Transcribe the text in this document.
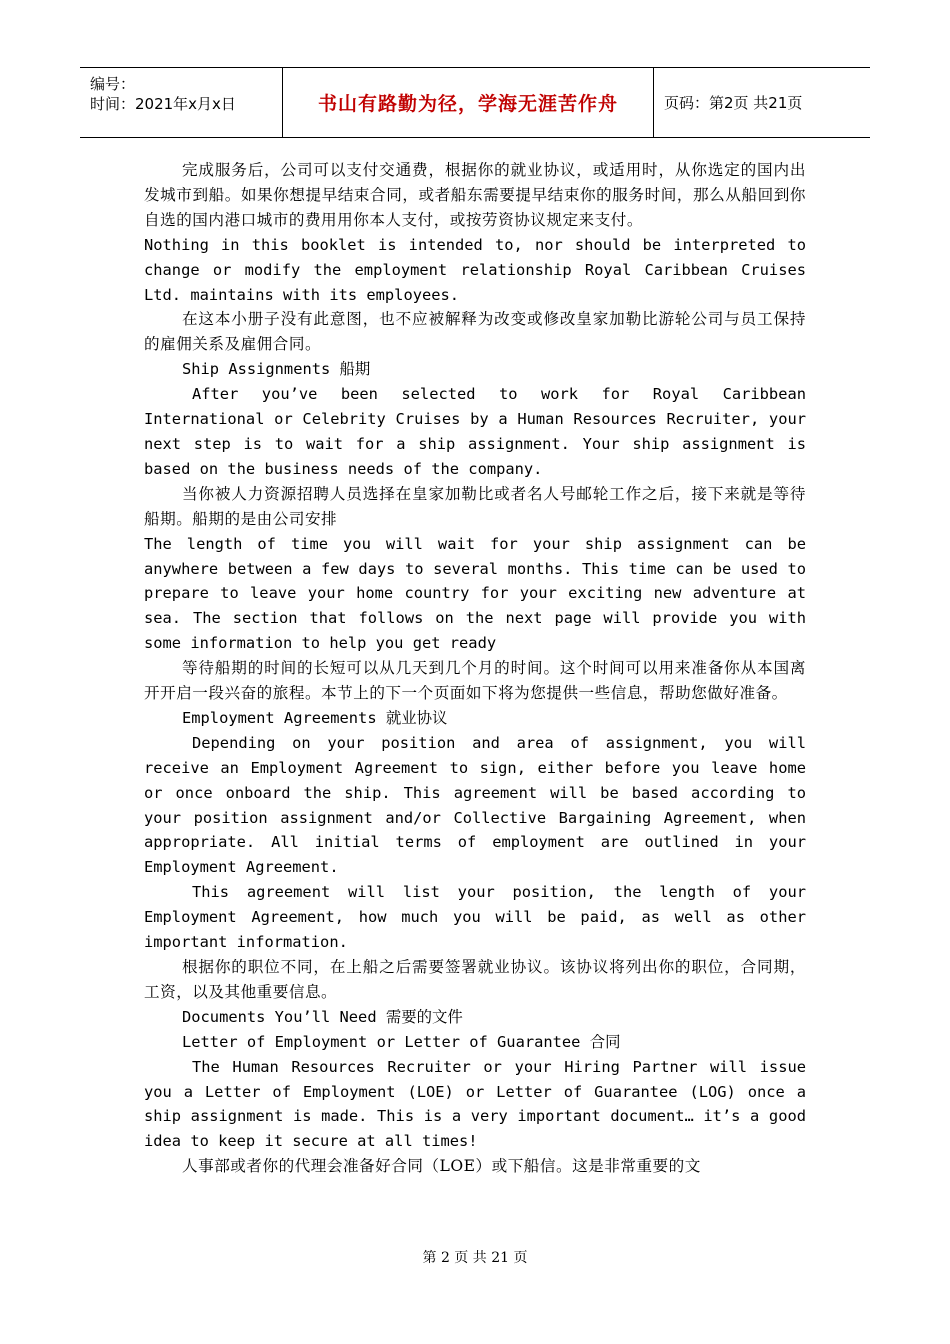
编号：
时间：2021年x月x日	书山有路勤为径，学海无涯苦作舟	页码：第2页 共21页

完成服务后，公司可以支付交通费，根据你的就业协议，或适用时，从你选定的国内出发城市到船。如果你想提早结束合同，或者船东需要提早结束你的服务时间，那么从船回到你自选的国内港口城市的费用用你本人支付，或按劳资协议规定来支付。

Nothing in this booklet is intended to, nor should be interpreted to change or modify the employment relationship Royal Caribbean Cruises Ltd. maintains with its employees.

在这本小册子没有此意图，也不应被解释为改变或修改皇家加勒比游轮公司与员工保持的雇佣关系及雇佣合同。

Ship Assignments 船期

After you’ve been selected to work for Royal Caribbean International or Celebrity Cruises by a Human Resources Recruiter, your next step is to wait for a ship assignment. Your ship assignment is based on the business needs of the company.

当你被人力资源招聘人员选择在皇家加勒比或者名人号邮轮工作之后，接下来就是等待船期。船期的是由公司安排

The length of time you will wait for your ship assignment can be anywhere between a few days to several months. This time can be used to prepare to leave your home country for your exciting new adventure at sea. The section that follows on the next page will provide you with some information to help you get ready

等待船期的时间的长短可以从几天到几个月的时间。这个时间可以用来准备你从本国离开开启一段兴奋的旅程。本节上的下一个页面如下将为您提供一些信息，帮助您做好准备。

Employment Agreements 就业协议

Depending on your position and area of assignment, you will receive an Employment Agreement to sign, either before you leave home or once onboard the ship. This agreement will be based according to your position assignment and/or Collective Bargaining Agreement, when appropriate. All initial terms of employment are outlined in your Employment Agreement.

This agreement will list your position, the length of your Employment Agreement, how much you will be paid, as well as other important information.

根据你的职位不同，在上船之后需要签署就业协议。该协议将列出你的职位，合同期，工资，以及其他重要信息。

Documents You’ll Need 需要的文件

Letter of Employment or Letter of Guarantee 合同

The Human Resources Recruiter or your Hiring Partner will issue you a Letter of Employment (LOE) or Letter of Guarantee (LOG) once a ship assignment is made. This is a very important document… it’s a good idea to keep it secure at all times!

人事部或者你的代理会准备好合同（LOE）或下船信。这是非常重要的文

第 2 页 共 21 页
